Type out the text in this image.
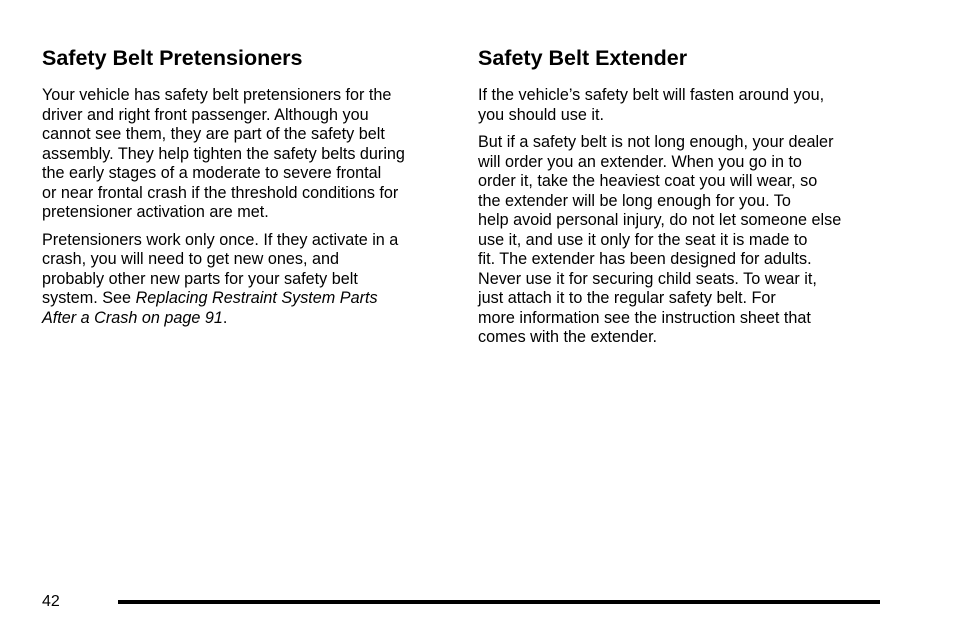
Safety Belt Pretensioners

Your vehicle has safety belt pretensioners for the
driver and right front passenger. Although you
cannot see them, they are part of the safety belt
assembly. They help tighten the safety belts during
the early stages of a moderate to severe frontal
or near frontal crash if the threshold conditions for
pretensioner activation are met.

Pretensioners work only once. If they activate in a
crash, you will need to get new ones, and
probably other new parts for your safety belt
system. See Replacing Restraint System Parts
After a Crash on page 91.

Safety Belt Extender

If the vehicle’s safety belt will fasten around you,
you should use it.

But if a safety belt is not long enough, your dealer
will order you an extender. When you go in to
order it, take the heaviest coat you will wear, so
the extender will be long enough for you. To
help avoid personal injury, do not let someone else
use it, and use it only for the seat it is made to
fit. The extender has been designed for adults.
Never use it for securing child seats. To wear it,
just attach it to the regular safety belt. For
more information see the instruction sheet that
comes with the extender.

42
